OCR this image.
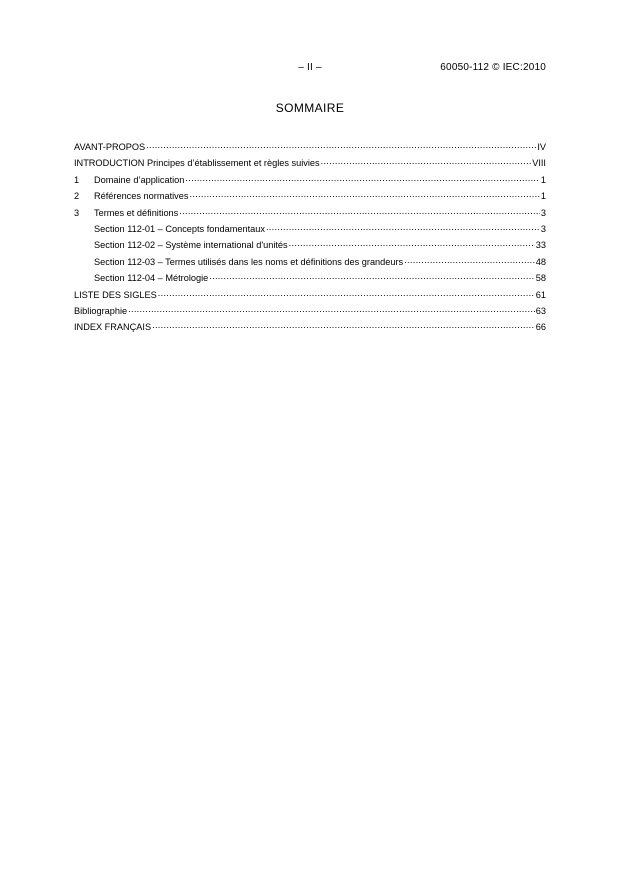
– II –	60050-112 © IEC:2010
SOMMAIRE
AVANT-PROPOS .....	IV
INTRODUCTION Principes d’établissement et règles suivies .....	VIII
1	Domaine d’application .....	1
2	Références normatives .....	1
3	Termes et définitions .....	3
Section 112-01 – Concepts fondamentaux .....	3
Section 112-02 – Système international d'unités .....	33
Section 112-03 – Termes utilisés dans les noms et définitions des grandeurs .....	48
Section 112-04 – Métrologie .....	58
LISTE DES SIGLES .....	61
Bibliographie .....	63
INDEX FRANÇAIS .....	66
